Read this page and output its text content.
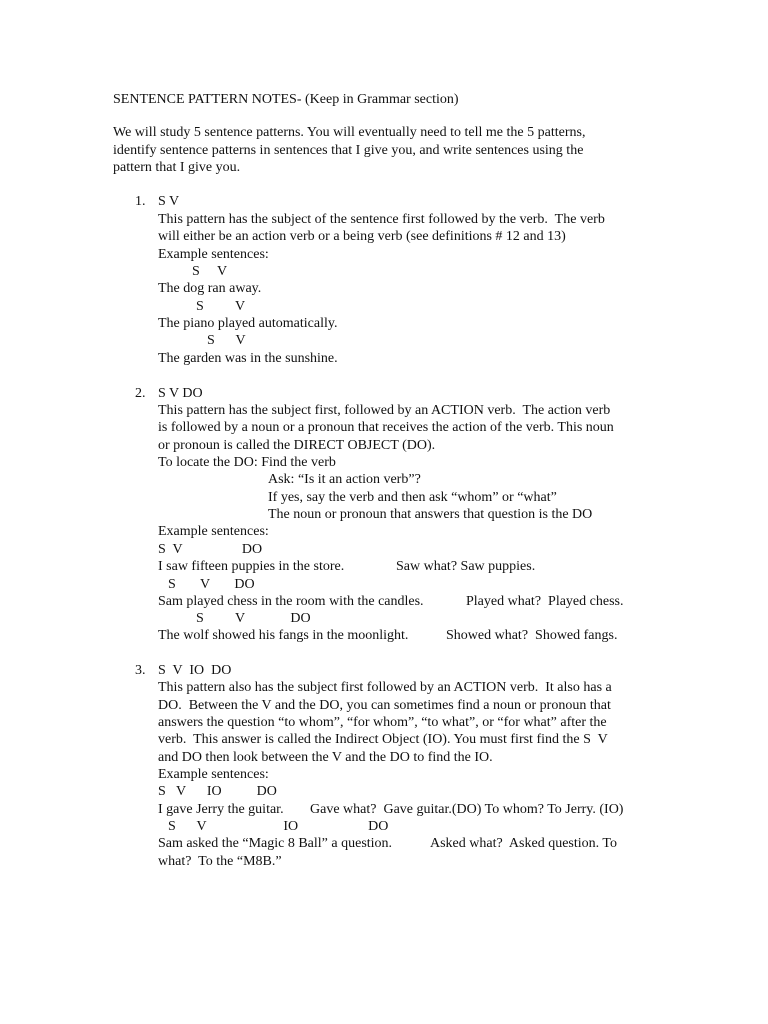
SENTENCE PATTERN NOTES- (Keep in Grammar section)
We will study 5 sentence patterns. You will eventually need to tell me the 5 patterns,
identify sentence patterns in sentences that I give you, and write sentences using the
pattern that I give you.
1. S V
This pattern has the subject of the sentence first followed by the verb.  The verb
will either be an action verb or a being verb (see definitions # 12 and 13)
Example sentences:
S     V
The dog ran away.
S         V
The piano played automatically.
S      V
The garden was in the sunshine.
2. S V DO
This pattern has the subject first, followed by an ACTION verb.  The action verb
is followed by a noun or a pronoun that receives the action of the verb. This noun
or pronoun is called the DIRECT OBJECT (DO).
To locate the DO: Find the verb
Ask: “Is it an action verb”?
If yes, say the verb and then ask “whom” or “what”
The noun or pronoun that answers that question is the DO
Example sentences:
S  V                 DO
I saw fifteen puppies in the store.	Saw what? Saw puppies.
S       V       DO
Sam played chess in the room with the candles.	Played what?  Played chess.
S         V             DO
The wolf showed his fangs in the moonlight.	Showed what?  Showed fangs.
3. S  V  IO  DO
This pattern also has the subject first followed by an ACTION verb.  It also has a
DO.  Between the V and the DO, you can sometimes find a noun or pronoun that
answers the question “to whom”, “for whom”, “to what”, or “for what” after the
verb.  This answer is called the Indirect Object (IO). You must first find the S  V
and DO then look between the V and the DO to find the IO.
Example sentences:
S   V      IO          DO
I gave Jerry the guitar. Gave what?  Gave guitar.(DO) To whom? To Jerry. (IO)
S      V                      IO                    DO
Sam asked the “Magic 8 Ball” a question.	Asked what?  Asked question. To
what?  To the “M8B.”
